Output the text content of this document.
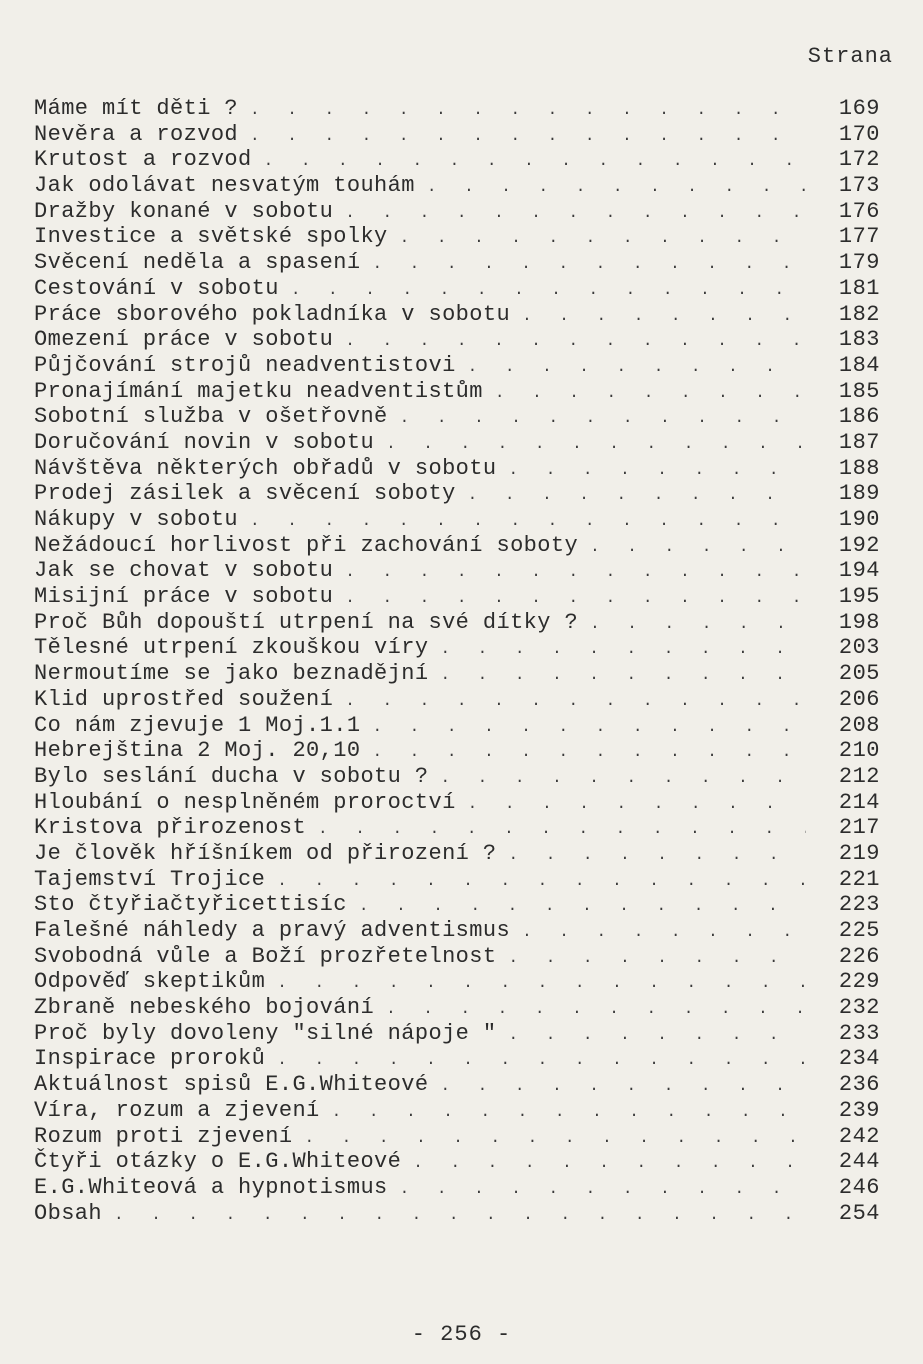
Strana
Máme mít děti ? . . .	169
Nevěra a rozvod . . .	170
Krutost a rozvod . . .	172
Jak odolávat nesvatým touhám . . .	173
Dražby konané v sobotu . . .	176
Investice a světské spolky . . .	177
Svěcení neděla a spasení . . .	179
Cestování v sobotu . . .	181
Práce sborového pokladníka v sobotu . . .	182
Omezení práce v sobotu . . .	183
Půjčování strojů neadventistovi . . .	184
Pronajímání majetku neadventistům . . .	185
Sobotní služba v ošetřovně . . .	186
Doručování novin v sobotu . . .	187
Návštěva některých obřadů v sobotu . . .	188
Prodej zásilek a svěcení soboty . . .	189
Nákupy v sobotu . . .	190
Nežádoucí horlivost při zachování soboty . . .	192
Jak se chovat v sobotu . . .	194
Misijní práce v sobotu . . .	195
Proč Bůh dopouští utrpení na své dítky ? . . .	198
Tělesné utrpení zkouškou víry . . .	203
Nermoutíme se jako beznadějní . . .	205
Klid uprostřed soužení . . .	206
Co nám zjevuje 1 Moj.1.1 . . .	208
Hebrejština 2 Moj. 20,10 . . .	210
Bylo seslání ducha v sobotu ? . . .	212
Hloubání o nesplněném proroctví . . .	214
Kristova přirozenost . . .	217
Je člověk hříšníkem od přirození ? . . .	219
Tajemství Trojice . . .	221
Sto čtyřiačtyřicettisíc . . .	223
Falešné náhledy a pravý adventismus . . .	225
Svobodná vůle a Boží prozřetelnost . . .	226
Odpověď skeptikům . . .	229
Zbraně nebeského bojování . . .	232
Proč byly dovoleny "silné nápoje " . . .	233
Inspirace proroků . . .	234
Aktuálnost spisů E.G.Whiteové . . .	236
Víra, rozum a zjevení . . .	239
Rozum proti zjevení . . .	242
Čtyři otázky o E.G.Whiteové . . .	244
E.G.Whiteová a hypnotismus . . .	246
Obsah . . .	254
- 256 -
